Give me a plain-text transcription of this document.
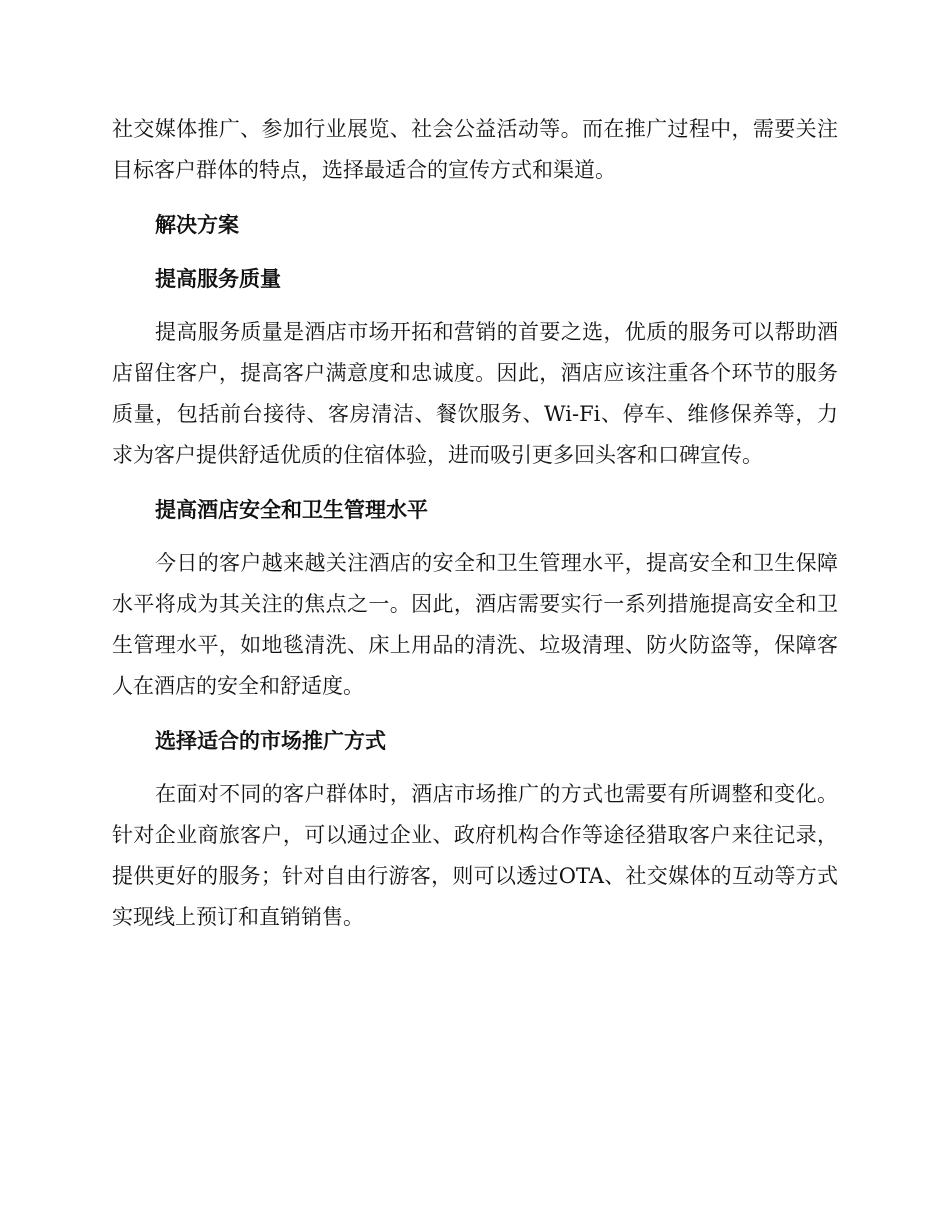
社交媒体推广、参加行业展览、社会公益活动等。而在推广过程中，需要关注目标客户群体的特点，选择最适合的宣传方式和渠道。

解决方案

提高服务质量

提高服务质量是酒店市场开拓和营销的首要之选，优质的服务可以帮助酒店留住客户，提高客户满意度和忠诚度。因此，酒店应该注重各个环节的服务质量，包括前台接待、客房清洁、餐饮服务、Wi-Fi、停车、维修保养等，力求为客户提供舒适优质的住宿体验，进而吸引更多回头客和口碑宣传。

提高酒店安全和卫生管理水平

今日的客户越来越关注酒店的安全和卫生管理水平，提高安全和卫生保障水平将成为其关注的焦点之一。因此，酒店需要实行一系列措施提高安全和卫生管理水平，如地毯清洗、床上用品的清洗、垃圾清理、防火防盗等，保障客人在酒店的安全和舒适度。

选择适合的市场推广方式

在面对不同的客户群体时，酒店市场推广的方式也需要有所调整和变化。针对企业商旅客户，可以通过企业、政府机构合作等途径猎取客户来往记录，提供更好的服务；针对自由行游客，则可以透过OTA、社交媒体的互动等方式实现线上预订和直销销售。
